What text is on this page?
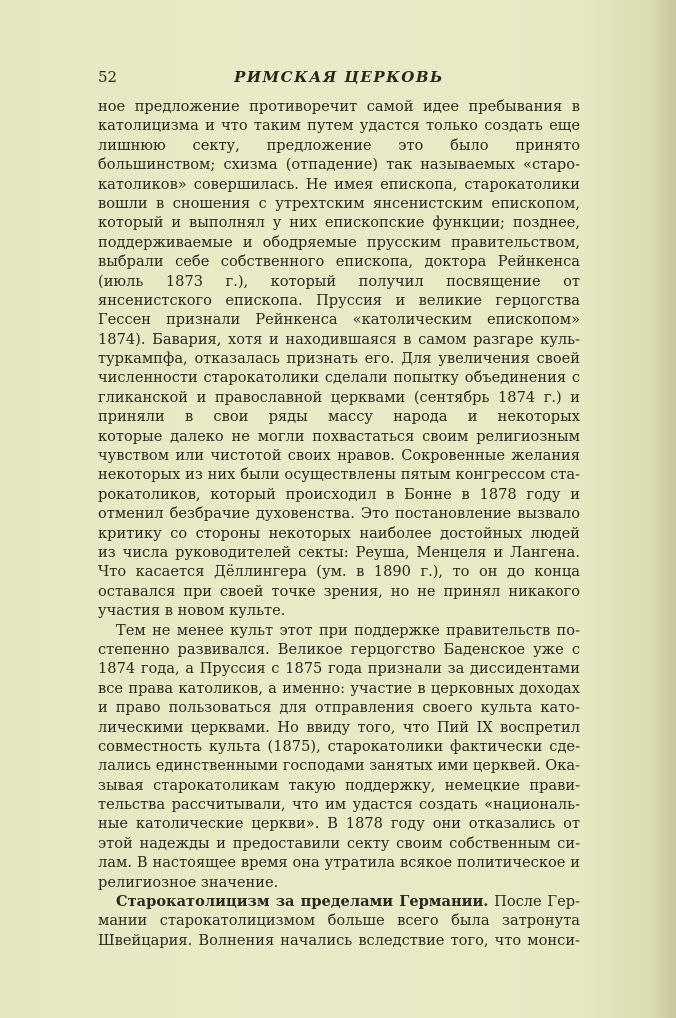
52	РИМСКАЯ ЦЕРКОВЬ
ное предложение противоречит самой идее пребывания в
католицизма и что таким путем удастся только создать еще
лишнюю секту, предложение это было принято
большинством; схизма (отпадение) так называемых «старо-
католиков» совершилась. Не имея епископа, старокатолики
вошли в сношения с утрехтским янсенистским епископом,
который и выполнял у них епископские функции; позднее,
поддерживаемые и ободряемые прусским правительством,
выбрали себе собственного епископа, доктора Рейнкенса
(июль 1873 г.), который получил посвящение от
янсенистского епископа. Пруссия и великие герцогства
Гессен признали Рейнкенса «католическим епископом»
1874). Бавария, хотя и находившаяся в самом разгаре куль-
туркампфа, отказалась признать его. Для увеличения своей
численности старокатолики сделали попытку объединения с
гликанской и православной церквами (сентябрь 1874 г.) и
приняли в свои ряды массу народа и некоторых
которые далеко не могли похвастаться своим религиозным
чувством или чистотой своих нравов. Сокровенные желания
некоторых из них были осуществлены пятым конгрессом ста-
рокатоликов, который происходил в Бонне в 1878 году и
отменил безбрачие духовенства. Это постановление вызвало
критику со стороны некоторых наиболее достойных людей
из числа руководителей секты: Реуша, Менцеля и Лангена.
Что касается Дёллингера (ум. в 1890 г.), то он до конца
оставался при своей точке зрения, но не принял никакого
участия в новом культе.
Тем не менее культ этот при поддержке правительств по-
степенно развивался. Великое герцогство Баденское уже с
1874 года, а Пруссия с 1875 года признали за диссидентами
все права католиков, а именно: участие в церковных доходах
и право пользоваться для отправления своего культа като-
лическими церквами. Но ввиду того, что Пий IX воспретил
совместность культа (1875), старокатолики фактически сде-
лались единственными господами занятых ими церквей. Ока-
зывая старокатоликам такую поддержку, немецкие прави-
тельства рассчитывали, что им удастся создать «националь-
ные католические церкви». В 1878 году они отказались от
этой надежды и предоставили секту своим собственным си-
лам. В настоящее время она утратила всякое политическое и
религиозное значение.
Старокатолицизм за пределами Германии. После Гер-
мании старокатолицизмом больше всего была затронута
Швейцария. Волнения начались вследствие того, что монси-
